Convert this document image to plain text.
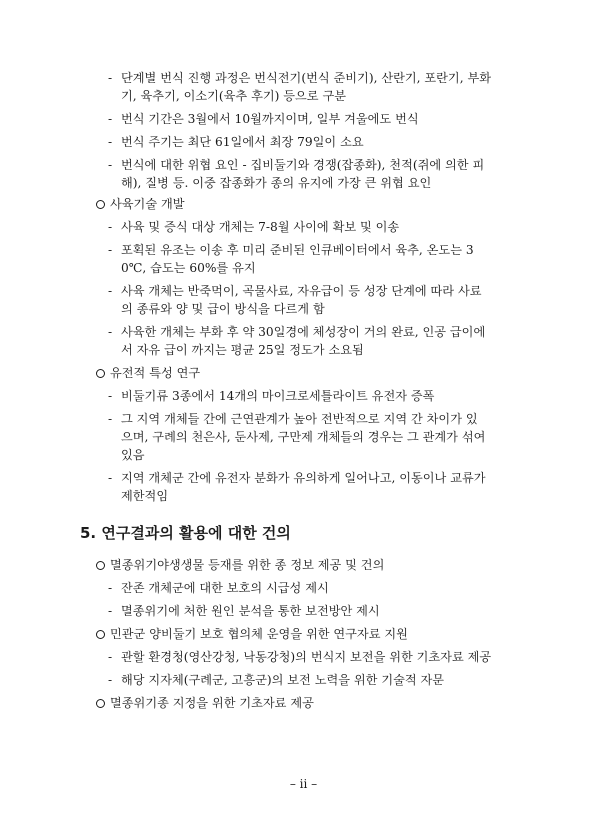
- 단계별 번식 진행 과정은 번식전기(번식 준비기), 산란기, 포란기, 부화
기, 육추기, 이소기(육추 후기) 등으로 구분
- 번식 기간은 3월에서 10월까지이며, 일부 겨울에도 번식
- 번식 주기는 최단 61일에서 최장 79일이 소요
- 번식에 대한 위협 요인 - 집비둘기와 경쟁(잡종화), 천적(쥐에 의한 피
해), 질병 등. 이중 잡종화가 종의 유지에 가장 큰 위협 요인
사육기술 개발
- 사육 및 증식 대상 개체는 7-8월 사이에 확보 및 이송
- 포획된 유조는 이송 후 미리 준비된 인큐베이터에서 육추, 온도는 3
0℃, 습도는 60%를 유지
- 사육 개체는 반죽먹이, 곡물사료, 자유급이 등 성장 단계에 따라 사료
의 종류와 양 및 급이 방식을 다르게 함
- 사육한 개체는 부화 후 약 30일경에 체성장이 거의 완료, 인공 급이에
서 자유 급이 까지는 평균 25일 정도가 소요됨
유전적 특성 연구
- 비둘기류 3종에서 14개의 마이크로세틀라이트 유전자 증폭
- 그 지역 개체들 간에 근연관계가 높아 전반적으로 지역 간 차이가 있
으며, 구례의 천은사, 둔사제, 구만제 개체들의 경우는 그 관계가 섞여
있음
- 지역 개체군 간에 유전자 분화가 유의하게 일어나고, 이동이나 교류가
제한적임
5. 연구결과의 활용에 대한 건의
멸종위기야생생물 등재를 위한 종 정보 제공 및 건의
- 잔존 개체군에 대한 보호의 시급성 제시
- 멸종위기에 처한 원인 분석을 통한 보전방안 제시
민관군 양비둘기 보호 협의체 운영을 위한 연구자료 지원
- 관할 환경청(영산강청, 낙동강청)의 번식지 보전을 위한 기초자료 제공
- 해당 지자체(구례군, 고흥군)의 보전 노력을 위한 기술적 자문
멸종위기종 지정을 위한 기초자료 제공
– ii –
